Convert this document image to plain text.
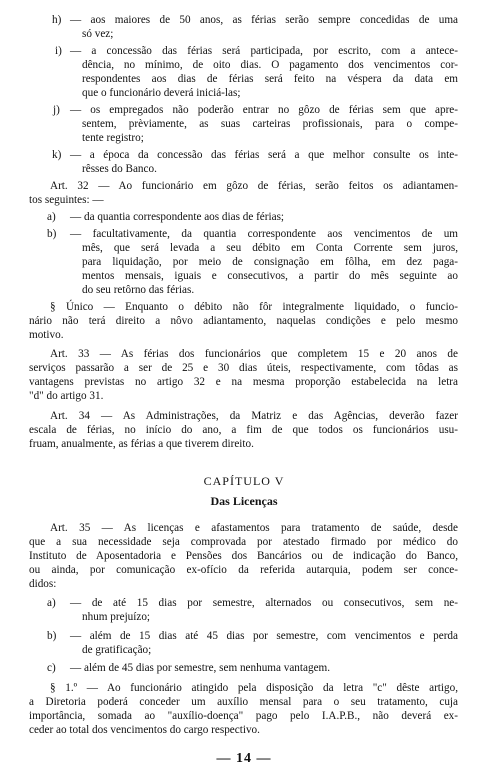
h) — aos maiores de 50 anos, as férias serão sempre concedidas de uma
só vez;
i) — a concessão das férias será participada, por escrito, com a antece-
dência, no mínimo, de oito dias. O pagamento dos vencimentos cor-
respondentes aos dias de férias será feito na véspera da data em
que o funcionário deverá iniciá-las;
j) — os empregados não poderão entrar no gôzo de férias sem que apre-
sentem, prèviamente, as suas carteiras profissionais, para o compe-
tente registro;
k) — a época da concessão das férias será a que melhor consulte os inte-
rêsses do Banco.
Art. 32 — Ao funcionário em gôzo de férias, serão feitos os adiantamen-
tos seguintes: —
a) — da quantia correspondente aos dias de férias;
b) — facultativamente, da quantia correspondente aos vencimentos de um
mês, que será levada a seu débito em Conta Corrente sem juros,
para liquidação, por meio de consignação em fôlha, em dez paga-
mentos mensais, iguais e consecutivos, a partir do mês seguinte ao
do seu retôrno das férias.
§ Único — Enquanto o débito não fôr integralmente liquidado, o funcio-
nário não terá direito a nôvo adiantamento, naquelas condições e pelo mesmo
motivo.
Art. 33 — As férias dos funcionários que completem 15 e 20 anos de
serviços passarão a ser de 25 e 30 dias úteis, respectivamente, com tôdas as
vantagens previstas no artigo 32 e na mesma proporção estabelecida na letra
"d" do artigo 31.
Art. 34 — As Administrações, da Matriz e das Agências, deverão fazer
escala de férias, no início do ano, a fim de que todos os funcionários usu-
fruam, anualmente, as férias a que tiverem direito.
CAPÍTULO V
Das Licenças
Art. 35 — As licenças e afastamentos para tratamento de saúde, desde
que a sua necessidade seja comprovada por atestado firmado por médico do
Instituto de Aposentadoria e Pensões dos Bancários ou de indicação do Banco,
ou ainda, por comunicação ex-ofício da referida autarquia, podem ser conce-
didos:
a) — de até 15 dias por semestre, alternados ou consecutivos, sem ne-
nhum prejuízo;
b) — além de 15 dias até 45 dias por semestre, com vencimentos e perda
de gratificação;
c) — além de 45 dias por semestre, sem nenhuma vantagem.
§ 1.º — Ao funcionário atingido pela disposição da letra "c" dêste artigo,
a Diretoria poderá conceder um auxílio mensal para o seu tratamento, cuja
importância, somada ao "auxílio-doença" pago pelo I.A.P.B., não deverá ex-
ceder ao total dos vencimentos do cargo respectivo.
— 14 —
